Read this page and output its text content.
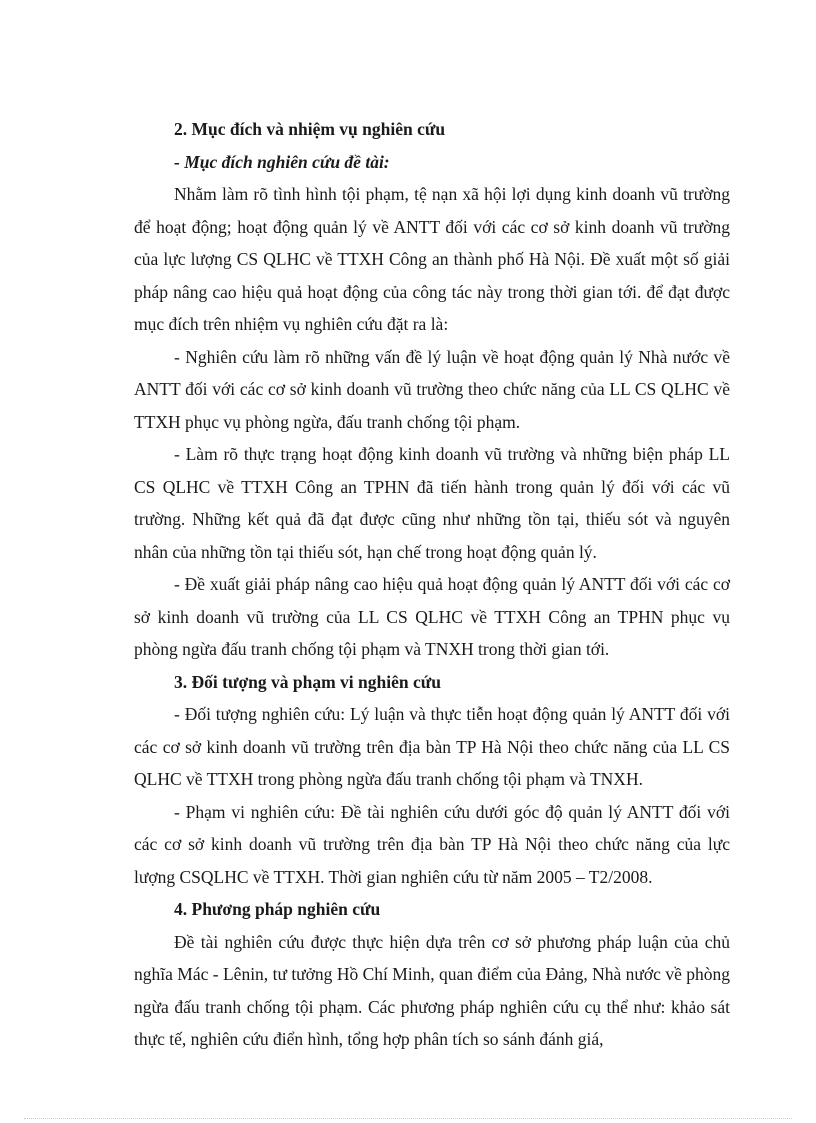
2. Mục đích và nhiệm vụ nghiên cứu

- Mục đích nghiên cứu đề tài:

Nhằm làm rõ tình hình tội phạm, tệ nạn xã hội lợi dụng kinh doanh vũ trường để hoạt động; hoạt động quản lý về ANTT đối với các cơ sở kinh doanh vũ trường của lực lượng CS QLHC về TTXH Công an thành phố Hà Nội. Đề xuất một số giải pháp nâng cao hiệu quả hoạt động của công tác này trong thời gian tới. để đạt được mục đích trên nhiệm vụ nghiên cứu đặt ra là:

- Nghiên cứu làm rõ những vấn đề lý luận về hoạt động quản lý Nhà nước về ANTT đối với các cơ sở kinh doanh vũ trường theo chức năng của LL CS QLHC về TTXH phục vụ phòng ngừa, đấu tranh chống tội phạm.

- Làm rõ thực trạng hoạt động kinh doanh vũ trường và những biện pháp LL CS QLHC về TTXH Công an TPHN đã tiến hành trong quản lý đối với các vũ trường. Những kết quả đã đạt được cũng như những tồn tại, thiếu sót và nguyên nhân của những tồn tại thiếu sót, hạn chế trong hoạt động quản lý.

- Đề xuất giải pháp nâng cao hiệu quả hoạt động quản lý ANTT đối với các cơ sở kinh doanh vũ trường của LL CS QLHC về TTXH Công an TPHN phục vụ phòng ngừa đấu tranh chống tội phạm và TNXH trong thời gian tới.

3. Đối tượng và phạm vi nghiên cứu

- Đối tượng nghiên cứu: Lý luận và thực tiễn hoạt động quản lý ANTT đối với các cơ sở kinh doanh vũ trường trên địa bàn TP Hà Nội theo chức năng của LL CS QLHC về TTXH trong phòng ngừa đấu tranh chống tội phạm và TNXH.

- Phạm vi nghiên cứu: Đề tài nghiên cứu dưới góc độ quản lý ANTT đối với các cơ sở kinh doanh vũ trường trên địa bàn TP Hà Nội theo chức năng của lực lượng CSQLHC về TTXH. Thời gian nghiên cứu từ năm 2005 – T2/2008.

4. Phương pháp nghiên cứu

Đề tài nghiên cứu được thực hiện dựa trên cơ sở phương pháp luận của chủ nghĩa Mác - Lênin, tư tưởng Hồ Chí Minh, quan điểm của Đảng, Nhà nước về phòng ngừa đấu tranh chống tội phạm. Các phương pháp nghiên cứu cụ thể như: khảo sát thực tế, nghiên cứu điển hình, tổng hợp phân tích so sánh đánh giá,
